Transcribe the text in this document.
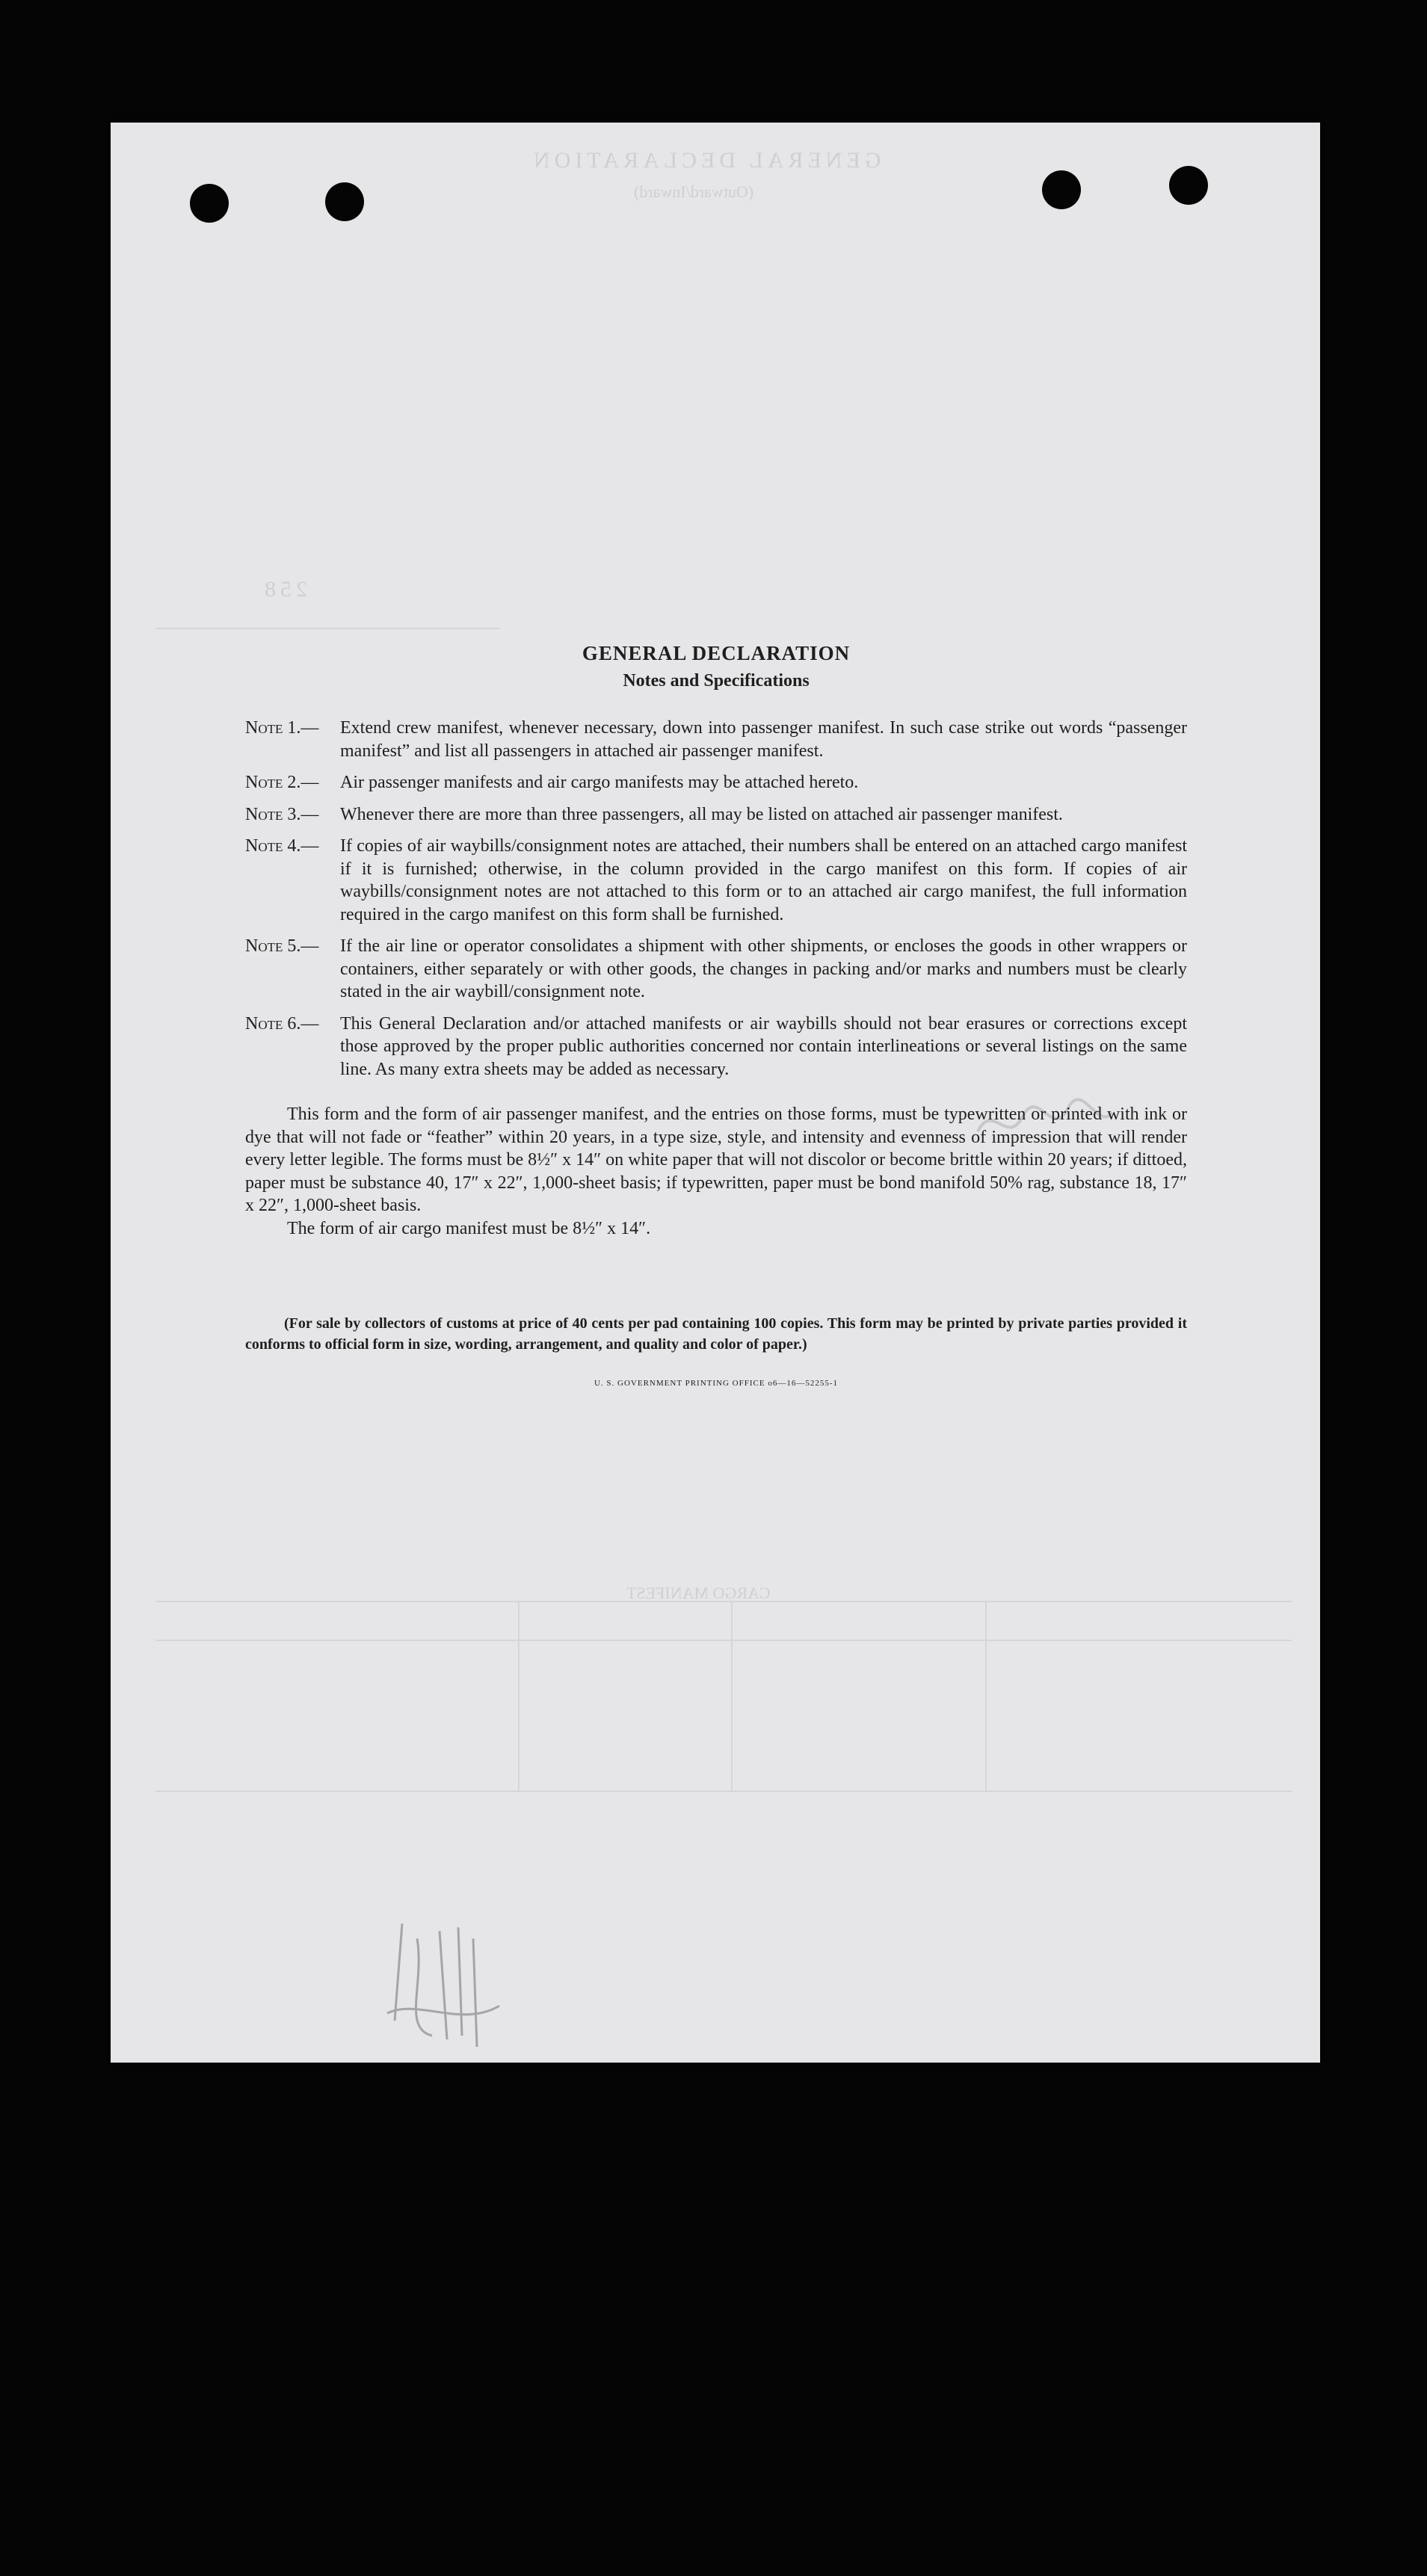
GENERAL DECLARATION
(Outward/Inward)
258
CARGO MANIFEST
GENERAL DECLARATION
Notes and Specifications
Note 1.— Extend crew manifest, whenever necessary, down into passenger manifest. In such case strike out words “passenger manifest” and list all passengers in attached air passenger manifest.
Note 2.— Air passenger manifests and air cargo manifests may be attached hereto.
Note 3.— Whenever there are more than three passengers, all may be listed on attached air passenger manifest.
Note 4.— If copies of air waybills/consignment notes are attached, their numbers shall be entered on an attached cargo manifest if it is furnished; otherwise, in the column provided in the cargo manifest on this form. If copies of air waybills/consignment notes are not attached to this form or to an attached air cargo manifest, the full information required in the cargo manifest on this form shall be furnished.
Note 5.— If the air line or operator consolidates a shipment with other shipments, or encloses the goods in other wrappers or containers, either separately or with other goods, the changes in packing and/or marks and numbers must be clearly stated in the air waybill/consignment note.
Note 6.— This General Declaration and/or attached manifests or air waybills should not bear erasures or corrections except those approved by the proper public authorities concerned nor contain interlineations or several listings on the same line. As many extra sheets may be added as necessary.

This form and the form of air passenger manifest, and the entries on those forms, must be typewritten or printed with ink or dye that will not fade or “feather” within 20 years, in a type size, style, and intensity and evenness of impression that will render every letter legible. The forms must be 8½″ x 14″ on white paper that will not discolor or become brittle within 20 years; if dittoed, paper must be substance 40, 17″ x 22″, 1,000-sheet basis; if typewritten, paper must be bond manifold 50% rag, substance 18, 17″ x 22″, 1,000-sheet basis.

The form of air cargo manifest must be 8½″ x 14″.

(For sale by collectors of customs at price of 40 cents per pad containing 100 copies. This form may be printed by private parties provided it conforms to official form in size, wording, arrangement, and quality and color of paper.)

U. S. GOVERNMENT PRINTING OFFICE o6—16—52255-1
